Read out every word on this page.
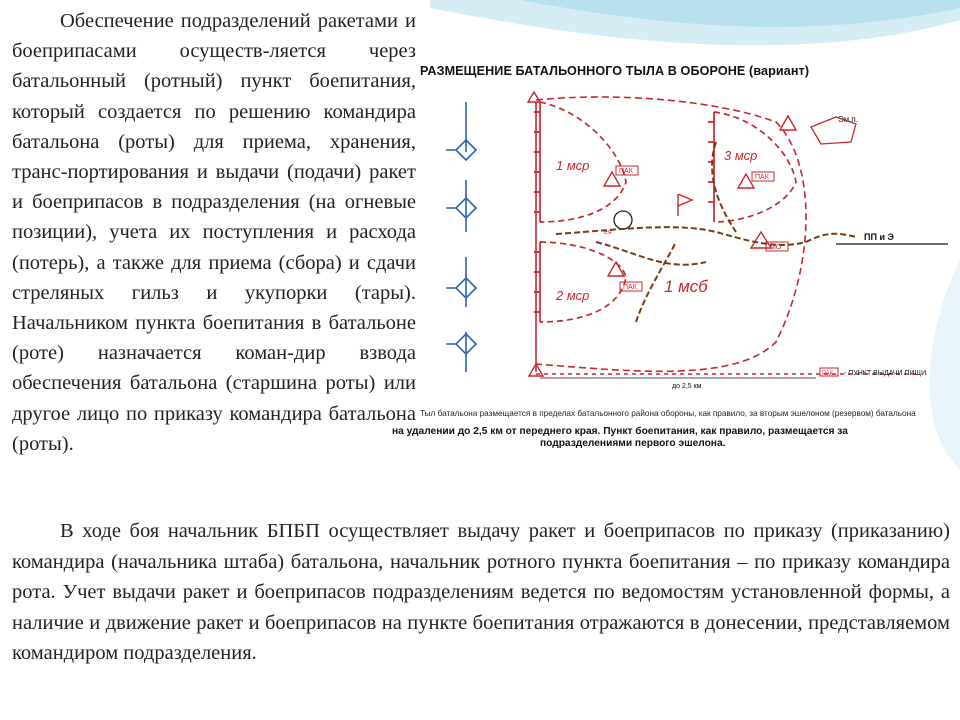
Обеспечение подразделений ракетами и боеприпасами осуществ-ляется через батальонный (ротный) пункт боепитания, который создается по решению командира батальона (роты) для приема, хранения, транс-портирования и выдачи (подачи) ракет и боеприпасов в подразделения (на огневые позиции), учета их поступления и расхода (потерь), а также для приема (сбора) и сдачи стреляных гильз и укупорки (тары). Начальником пункта боепитания в батальоне (роте) назначается коман-дир взвода обеспечения батальона (старшина роты) или другое лицо по приказу командира батальона (роты).
РАЗМЕЩЕНИЕ БАТАЛЬОННОГО ТЫЛА В ОБОРОНЕ (вариант)
1 мср
2 мср
3 мср
1 мсб
ПАК
ПАК
ПАК
МО
ея
Эм.п.
ПП и Э
до 2,5 км
РАК - ПУНКТ ВЫДАЧИ ПИЩИ
Тыл батальона размещается в пределах батальонного района обороны, как правило, за вторым эшелоном (резервом) батальона
на удалении до 2,5 км от переднего края. Пункт боепитания, как правило, размещается за
подразделениями первого эшелона.
В ходе боя начальник БПБП осуществляет выдачу ракет и боеприпасов по приказу (приказанию) командира (начальника штаба) батальона, начальник ротного пункта боепитания – по приказу командира рота. Учет выдачи ракет и боеприпасов подразделениям ведется по ведомостям установленной формы, а наличие и движение ракет и боеприпасов на пункте боепитания отражаются в донесении, представляемом командиром подразделения.
